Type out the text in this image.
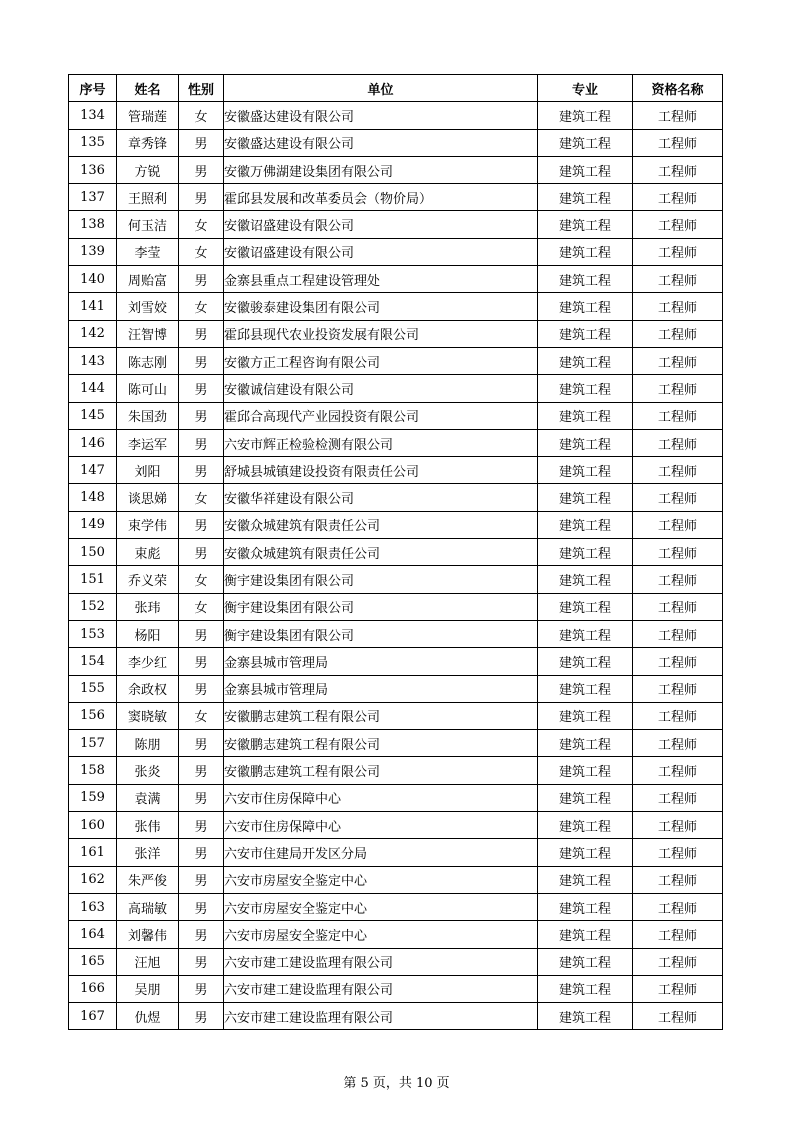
序号	姓名	性别	单位	专业	资格名称
134	管瑞莲	女	安徽盛达建设有限公司	建筑工程	工程师
135	章秀锋	男	安徽盛达建设有限公司	建筑工程	工程师
136	方锐	男	安徽万佛湖建设集团有限公司	建筑工程	工程师
137	王照利	男	霍邱县发展和改革委员会（物价局）	建筑工程	工程师
138	何玉洁	女	安徽诏盛建设有限公司	建筑工程	工程师
139	李莹	女	安徽诏盛建设有限公司	建筑工程	工程师
140	周贻富	男	金寨县重点工程建设管理处	建筑工程	工程师
141	刘雪姣	女	安徽骏泰建设集团有限公司	建筑工程	工程师
142	汪智博	男	霍邱县现代农业投资发展有限公司	建筑工程	工程师
143	陈志刚	男	安徽方正工程咨询有限公司	建筑工程	工程师
144	陈可山	男	安徽诚信建设有限公司	建筑工程	工程师
145	朱国劲	男	霍邱合高现代产业园投资有限公司	建筑工程	工程师
146	李运军	男	六安市辉正检验检测有限公司	建筑工程	工程师
147	刘阳	男	舒城县城镇建设投资有限责任公司	建筑工程	工程师
148	谈思娣	女	安徽华祥建设有限公司	建筑工程	工程师
149	束学伟	男	安徽众城建筑有限责任公司	建筑工程	工程师
150	束彪	男	安徽众城建筑有限责任公司	建筑工程	工程师
151	乔义荣	女	衡宇建设集团有限公司	建筑工程	工程师
152	张玮	女	衡宇建设集团有限公司	建筑工程	工程师
153	杨阳	男	衡宇建设集团有限公司	建筑工程	工程师
154	李少红	男	金寨县城市管理局	建筑工程	工程师
155	余政权	男	金寨县城市管理局	建筑工程	工程师
156	窦晓敏	女	安徽鹏志建筑工程有限公司	建筑工程	工程师
157	陈朋	男	安徽鹏志建筑工程有限公司	建筑工程	工程师
158	张炎	男	安徽鹏志建筑工程有限公司	建筑工程	工程师
159	袁满	男	六安市住房保障中心	建筑工程	工程师
160	张伟	男	六安市住房保障中心	建筑工程	工程师
161	张洋	男	六安市住建局开发区分局	建筑工程	工程师
162	朱严俊	男	六安市房屋安全鉴定中心	建筑工程	工程师
163	高瑞敏	男	六安市房屋安全鉴定中心	建筑工程	工程师
164	刘馨伟	男	六安市房屋安全鉴定中心	建筑工程	工程师
165	汪旭	男	六安市建工建设监理有限公司	建筑工程	工程师
166	吴朋	男	六安市建工建设监理有限公司	建筑工程	工程师
167	仇煜	男	六安市建工建设监理有限公司	建筑工程	工程师
第 5 页，共 10 页
